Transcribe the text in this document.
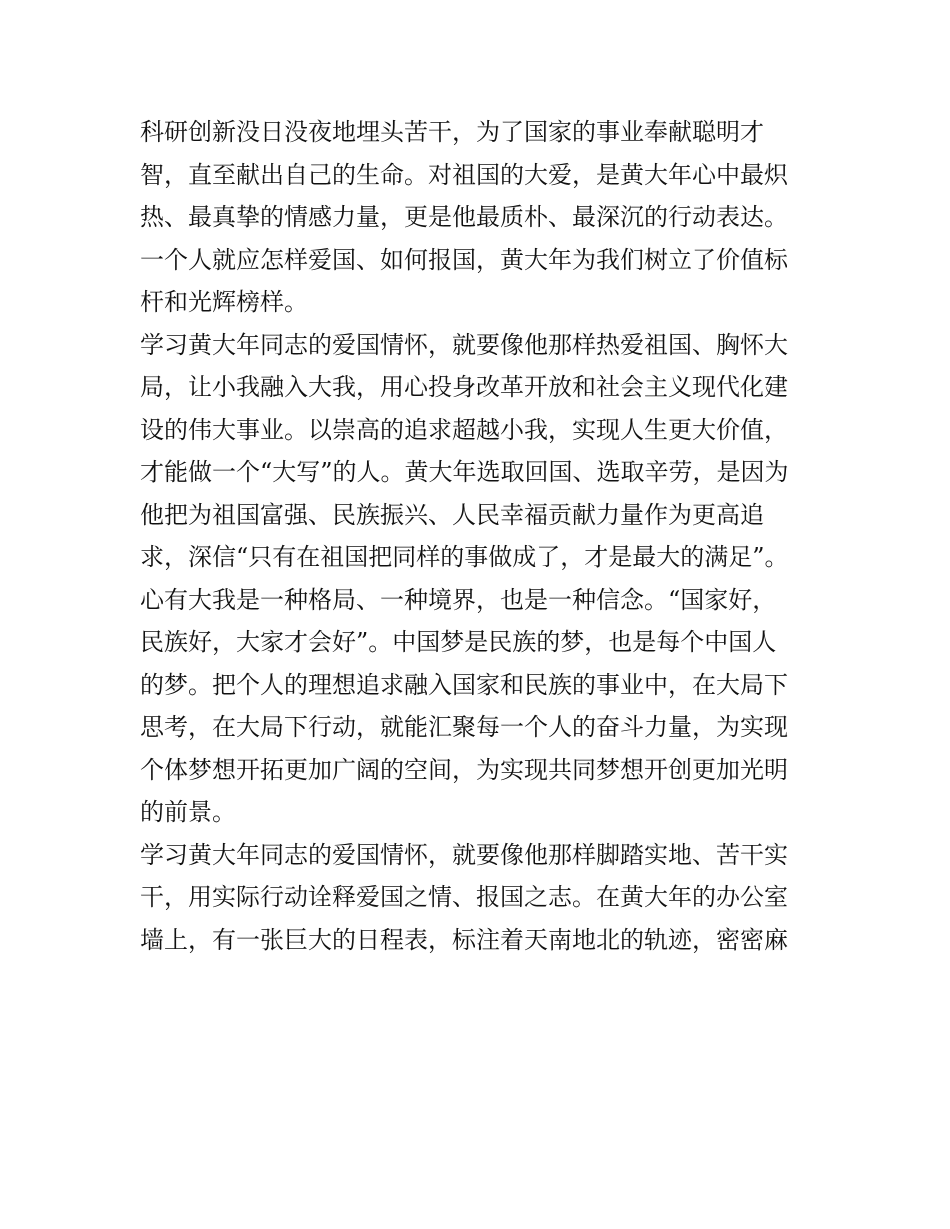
科研创新没日没夜地埋头苦干，为了国家的事业奉献聪明才
智，直至献出自己的生命。对祖国的大爱，是黄大年心中最炽
热、最真挚的情感力量，更是他最质朴、最深沉的行动表达。
一个人就应怎样爱国、如何报国，黄大年为我们树立了价值标
杆和光辉榜样。
学习黄大年同志的爱国情怀，就要像他那样热爱祖国、胸怀大
局，让小我融入大我，用心投身改革开放和社会主义现代化建
设的伟大事业。以崇高的追求超越小我，实现人生更大价值，
才能做一个“大写”的人。黄大年选取回国、选取辛劳，是因为
他把为祖国富强、民族振兴、人民幸福贡献力量作为更高追
求，深信“只有在祖国把同样的事做成了，才是最大的满足”。
心有大我是一种格局、一种境界，也是一种信念。“国家好，
民族好，大家才会好”。中国梦是民族的梦，也是每个中国人
的梦。把个人的理想追求融入国家和民族的事业中，在大局下
思考，在大局下行动，就能汇聚每一个人的奋斗力量，为实现
个体梦想开拓更加广阔的空间，为实现共同梦想开创更加光明
的前景。
学习黄大年同志的爱国情怀，就要像他那样脚踏实地、苦干实
干，用实际行动诠释爱国之情、报国之志。在黄大年的办公室
墙上，有一张巨大的日程表，标注着天南地北的轨迹，密密麻
